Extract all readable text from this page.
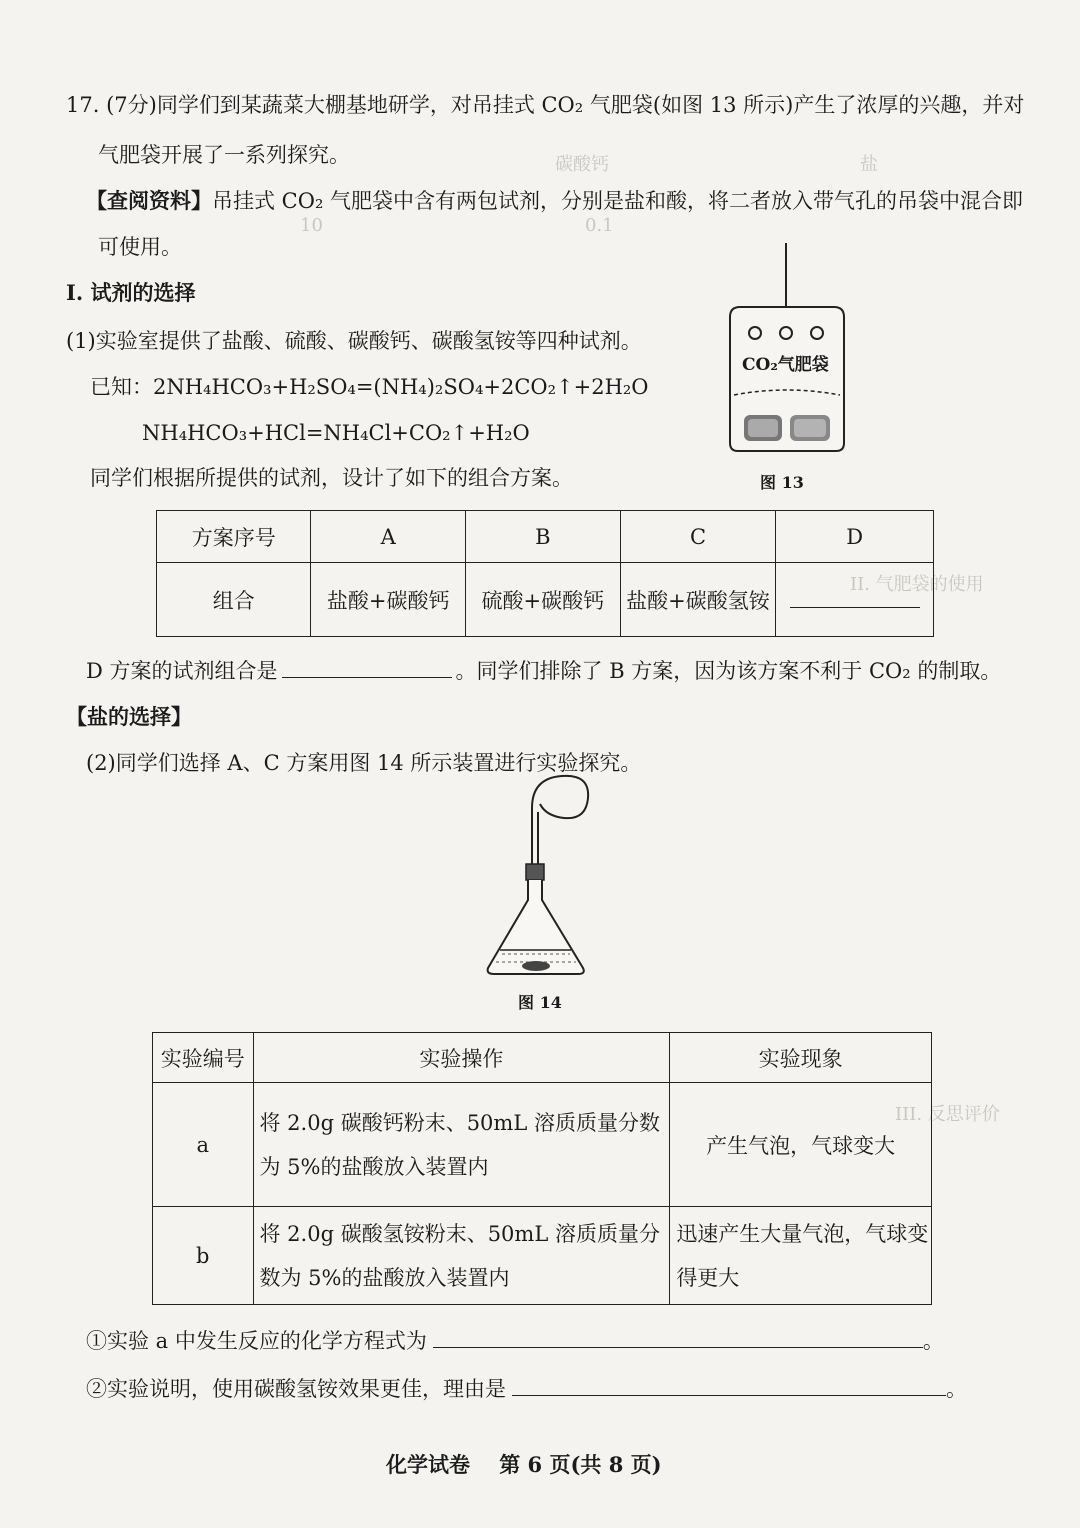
盐
碳酸钙
10	0.1
II. 气肥袋的使用
III. 反思评价
17. (7分)同学们到某蔬菜大棚基地研学，对吊挂式 CO₂ 气肥袋(如图 13 所示)产生了浓厚的兴趣，并对
气肥袋开展了一系列探究。
【查阅资料】吊挂式 CO₂ 气肥袋中含有两包试剂，分别是盐和酸，将二者放入带气孔的吊袋中混合即
可使用。
I. 试剂的选择
(1)实验室提供了盐酸、硫酸、碳酸钙、碳酸氢铵等四种试剂。
已知：2NH₄HCO₃+H₂SO₄=(NH₄)₂SO₄+2CO₂↑+2H₂O
NH₄HCO₃+HCl=NH₄Cl+CO₂↑+H₂O
同学们根据所提供的试剂，设计了如下的组合方案。
CO₂气肥袋
图 13
方案序号	A	B	C	D
组合	盐酸+碳酸钙	硫酸+碳酸钙	盐酸+碳酸氢铵	
D 方案的试剂组合是	。同学们排除了 B 方案，因为该方案不利于 CO₂ 的制取。
【盐的选择】
(2)同学们选择 A、C 方案用图 14 所示装置进行实验探究。
图 14
实验编号	实验操作	实验现象
a	将 2.0g 碳酸钙粉末、50mL 溶质质量分数为 5%的盐酸放入装置内	产生气泡，气球变大
b	将 2.0g 碳酸氢铵粉末、50mL 溶质质量分数为 5%的盐酸放入装置内	迅速产生大量气泡，气球变得更大
①实验 a 中发生反应的化学方程式为	。
②实验说明，使用碳酸氢铵效果更佳，理由是	。
化学试卷 第 6 页(共 8 页)
